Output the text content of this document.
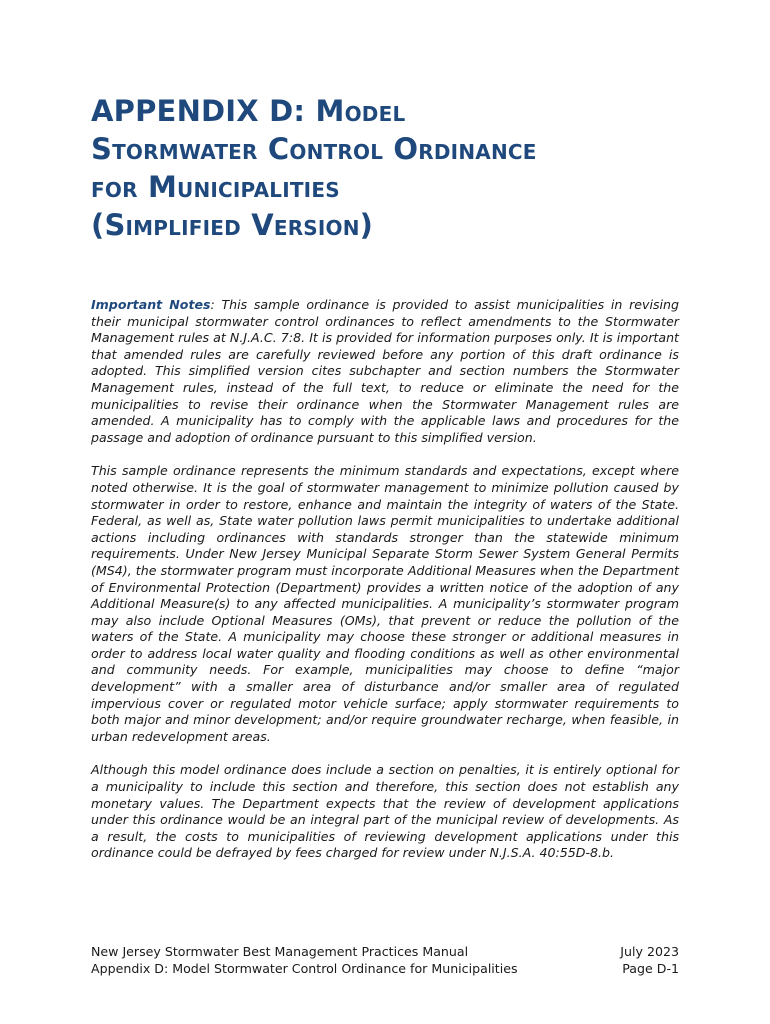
APPENDIX D: Model
Stormwater Control Ordinance
for Municipalities
(Simplified Version)

Important Notes: This sample ordinance is provided to assist municipalities in revising their municipal stormwater control ordinances to reflect amendments to the Stormwater Management rules at N.J.A.C. 7:8. It is provided for information purposes only. It is important that amended rules are carefully reviewed before any portion of this draft ordinance is adopted. This simplified version cites subchapter and section numbers the Stormwater Management rules, instead of the full text, to reduce or eliminate the need for the municipalities to revise their ordinance when the Stormwater Management rules are amended. A municipality has to comply with the applicable laws and procedures for the passage and adoption of ordinance pursuant to this simplified version.

This sample ordinance represents the minimum standards and expectations, except where noted otherwise. It is the goal of stormwater management to minimize pollution caused by stormwater in order to restore, enhance and maintain the integrity of waters of the State. Federal, as well as, State water pollution laws permit municipalities to undertake additional actions including ordinances with standards stronger than the statewide minimum requirements. Under New Jersey Municipal Separate Storm Sewer System General Permits (MS4), the stormwater program must incorporate Additional Measures when the Department of Environmental Protection (Department) provides a written notice of the adoption of any Additional Measure(s) to any affected municipalities. A municipality’s stormwater program may also include Optional Measures (OMs), that prevent or reduce the pollution of the waters of the State. A municipality may choose these stronger or additional measures in order to address local water quality and flooding conditions as well as other environmental and community needs. For example, municipalities may choose to define “major development” with a smaller area of disturbance and/or smaller area of regulated impervious cover or regulated motor vehicle surface; apply stormwater requirements to both major and minor development; and/or require groundwater recharge, when feasible, in urban redevelopment areas.

Although this model ordinance does include a section on penalties, it is entirely optional for a municipality to include this section and therefore, this section does not establish any monetary values. The Department expects that the review of development applications under this ordinance would be an integral part of the municipal review of developments. As a result, the costs to municipalities of reviewing development applications under this ordinance could be defrayed by fees charged for review under N.J.S.A. 40:55D-8.b.

New Jersey Stormwater Best Management Practices Manual
Appendix D: Model Stormwater Control Ordinance for Municipalities
July 2023
Page D-1
